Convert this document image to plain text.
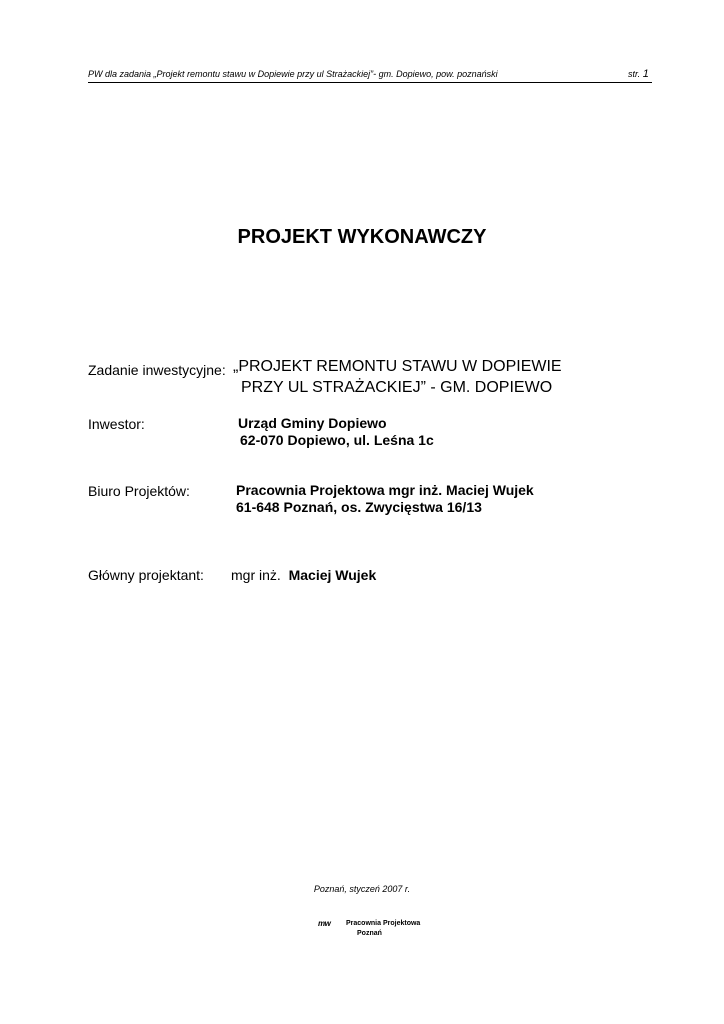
PW dla zadania „Projekt remontu stawu w Dopiewie przy ul Strażackiej”- gm. Dopiewo, pow. poznański	str. 1
PROJEKT WYKONAWCZY
Zadanie inwestycyjne: „PROJEKT REMONTU STAWU W DOPIEWIE
PRZY UL STRAŻACKIEJ” - GM. DOPIEWO
Inwestor:	Urząd Gminy Dopiewo
62-070 Dopiewo, ul. Leśna 1c
Biuro Projektów:	Pracownia Projektowa mgr inż. Maciej Wujek
61-648 Poznań, os. Zwycięstwa 16/13
Główny projektant: mgr inż. Maciej Wujek
Poznań, styczeń 2007 r.
mw Pracownia Projektowa
Poznań
